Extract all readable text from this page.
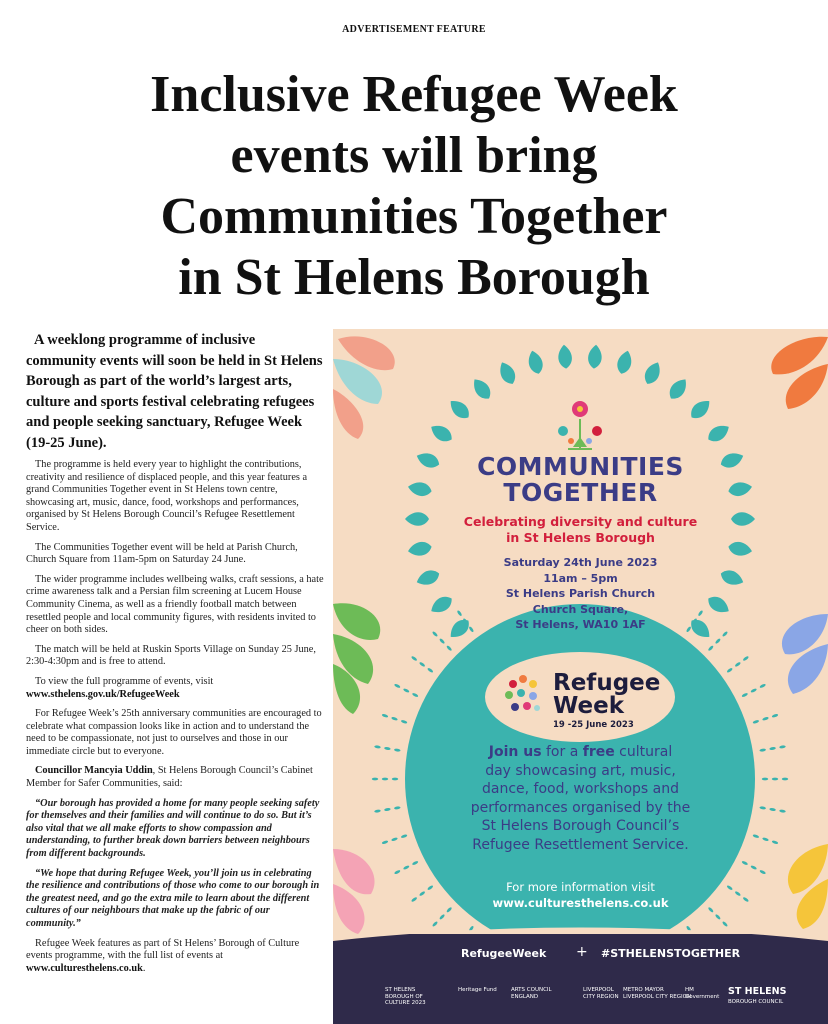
ADVERTISEMENT FEATURE
Inclusive Refugee Week
events will bring
Communities Together
in St Helens Borough

A weeklong programme of inclusive community events will soon be held in St Helens Borough as part of the world’s largest arts, culture and sports festival celebrating refugees and people seeking sanctuary, Refugee Week (19-25 June).

The programme is held every year to highlight the contributions, creativity and resilience of displaced people, and this year features a grand Communities Together event in St Helens town centre, showcasing art, music, dance, food, workshops and performances, organised by St Helens Borough Council’s Refugee Resettlement Service.

The Communities Together event will be held at Parish Church, Church Square from 11am-5pm on Saturday 24 June.

The wider programme includes wellbeing walks, craft sessions, a hate crime awareness talk and a Persian film screening at Lucem House Community Cinema, as well as a friendly football match between resettled people and local community figures, with residents invited to cheer on both sides.

The match will be held at Ruskin Sports Village on Sunday 25 June, 2:30-4:30pm and is free to attend.

To view the full programme of events, visit www.sthelens.gov.uk/RefugeeWeek

For Refugee Week’s 25th anniversary communities are encouraged to celebrate what compassion looks like in action and to understand the need to be compassionate, not just to ourselves and those in our immediate circle but to everyone.

Councillor Mancyia Uddin, St Helens Borough Council’s Cabinet Member for Safer Communities, said:

“Our borough has provided a home for many people seeking safety for themselves and their families and will continue to do so. But it’s also vital that we all make efforts to show compassion and understanding, to further break down barriers between neighbours from different backgrounds.

“We hope that during Refugee Week, you’ll join us in celebrating the resilience and contributions of those who come to our borough in the greatest need, and go the extra mile to learn about the different cultures of our neighbours that make up the fabric of our community.”

Refugee Week features as part of St Helens’ Borough of Culture events programme, with the full list of events at www.culturesthelens.co.uk.

COMMUNITIES
TOGETHER
Celebrating diversity and culture
in St Helens Borough
Saturday 24th June 2023
11am – 5pm
St Helens Parish Church
Church Square,
St Helens, WA10 1AF
Refugee
Week
19 -25 June 2023
Join us for a free cultural
day showcasing art, music,
dance, food, workshops and
performances organised by the
St Helens Borough Council’s
Refugee Resettlement Service.
For more information visit
www.culturesthelens.co.uk
RefugeeWeek + #STHELENSTOGETHER
ST HELENS
BOROUGH OF
CULTURE 2023
Heritage Fund	ARTS COUNCIL ENGLAND
LIVERPOOL
CITY REGION
METRO MAYOR
LIVERPOOL CITY REGION
HM Government ST HELENS
BOROUGH COUNCIL
